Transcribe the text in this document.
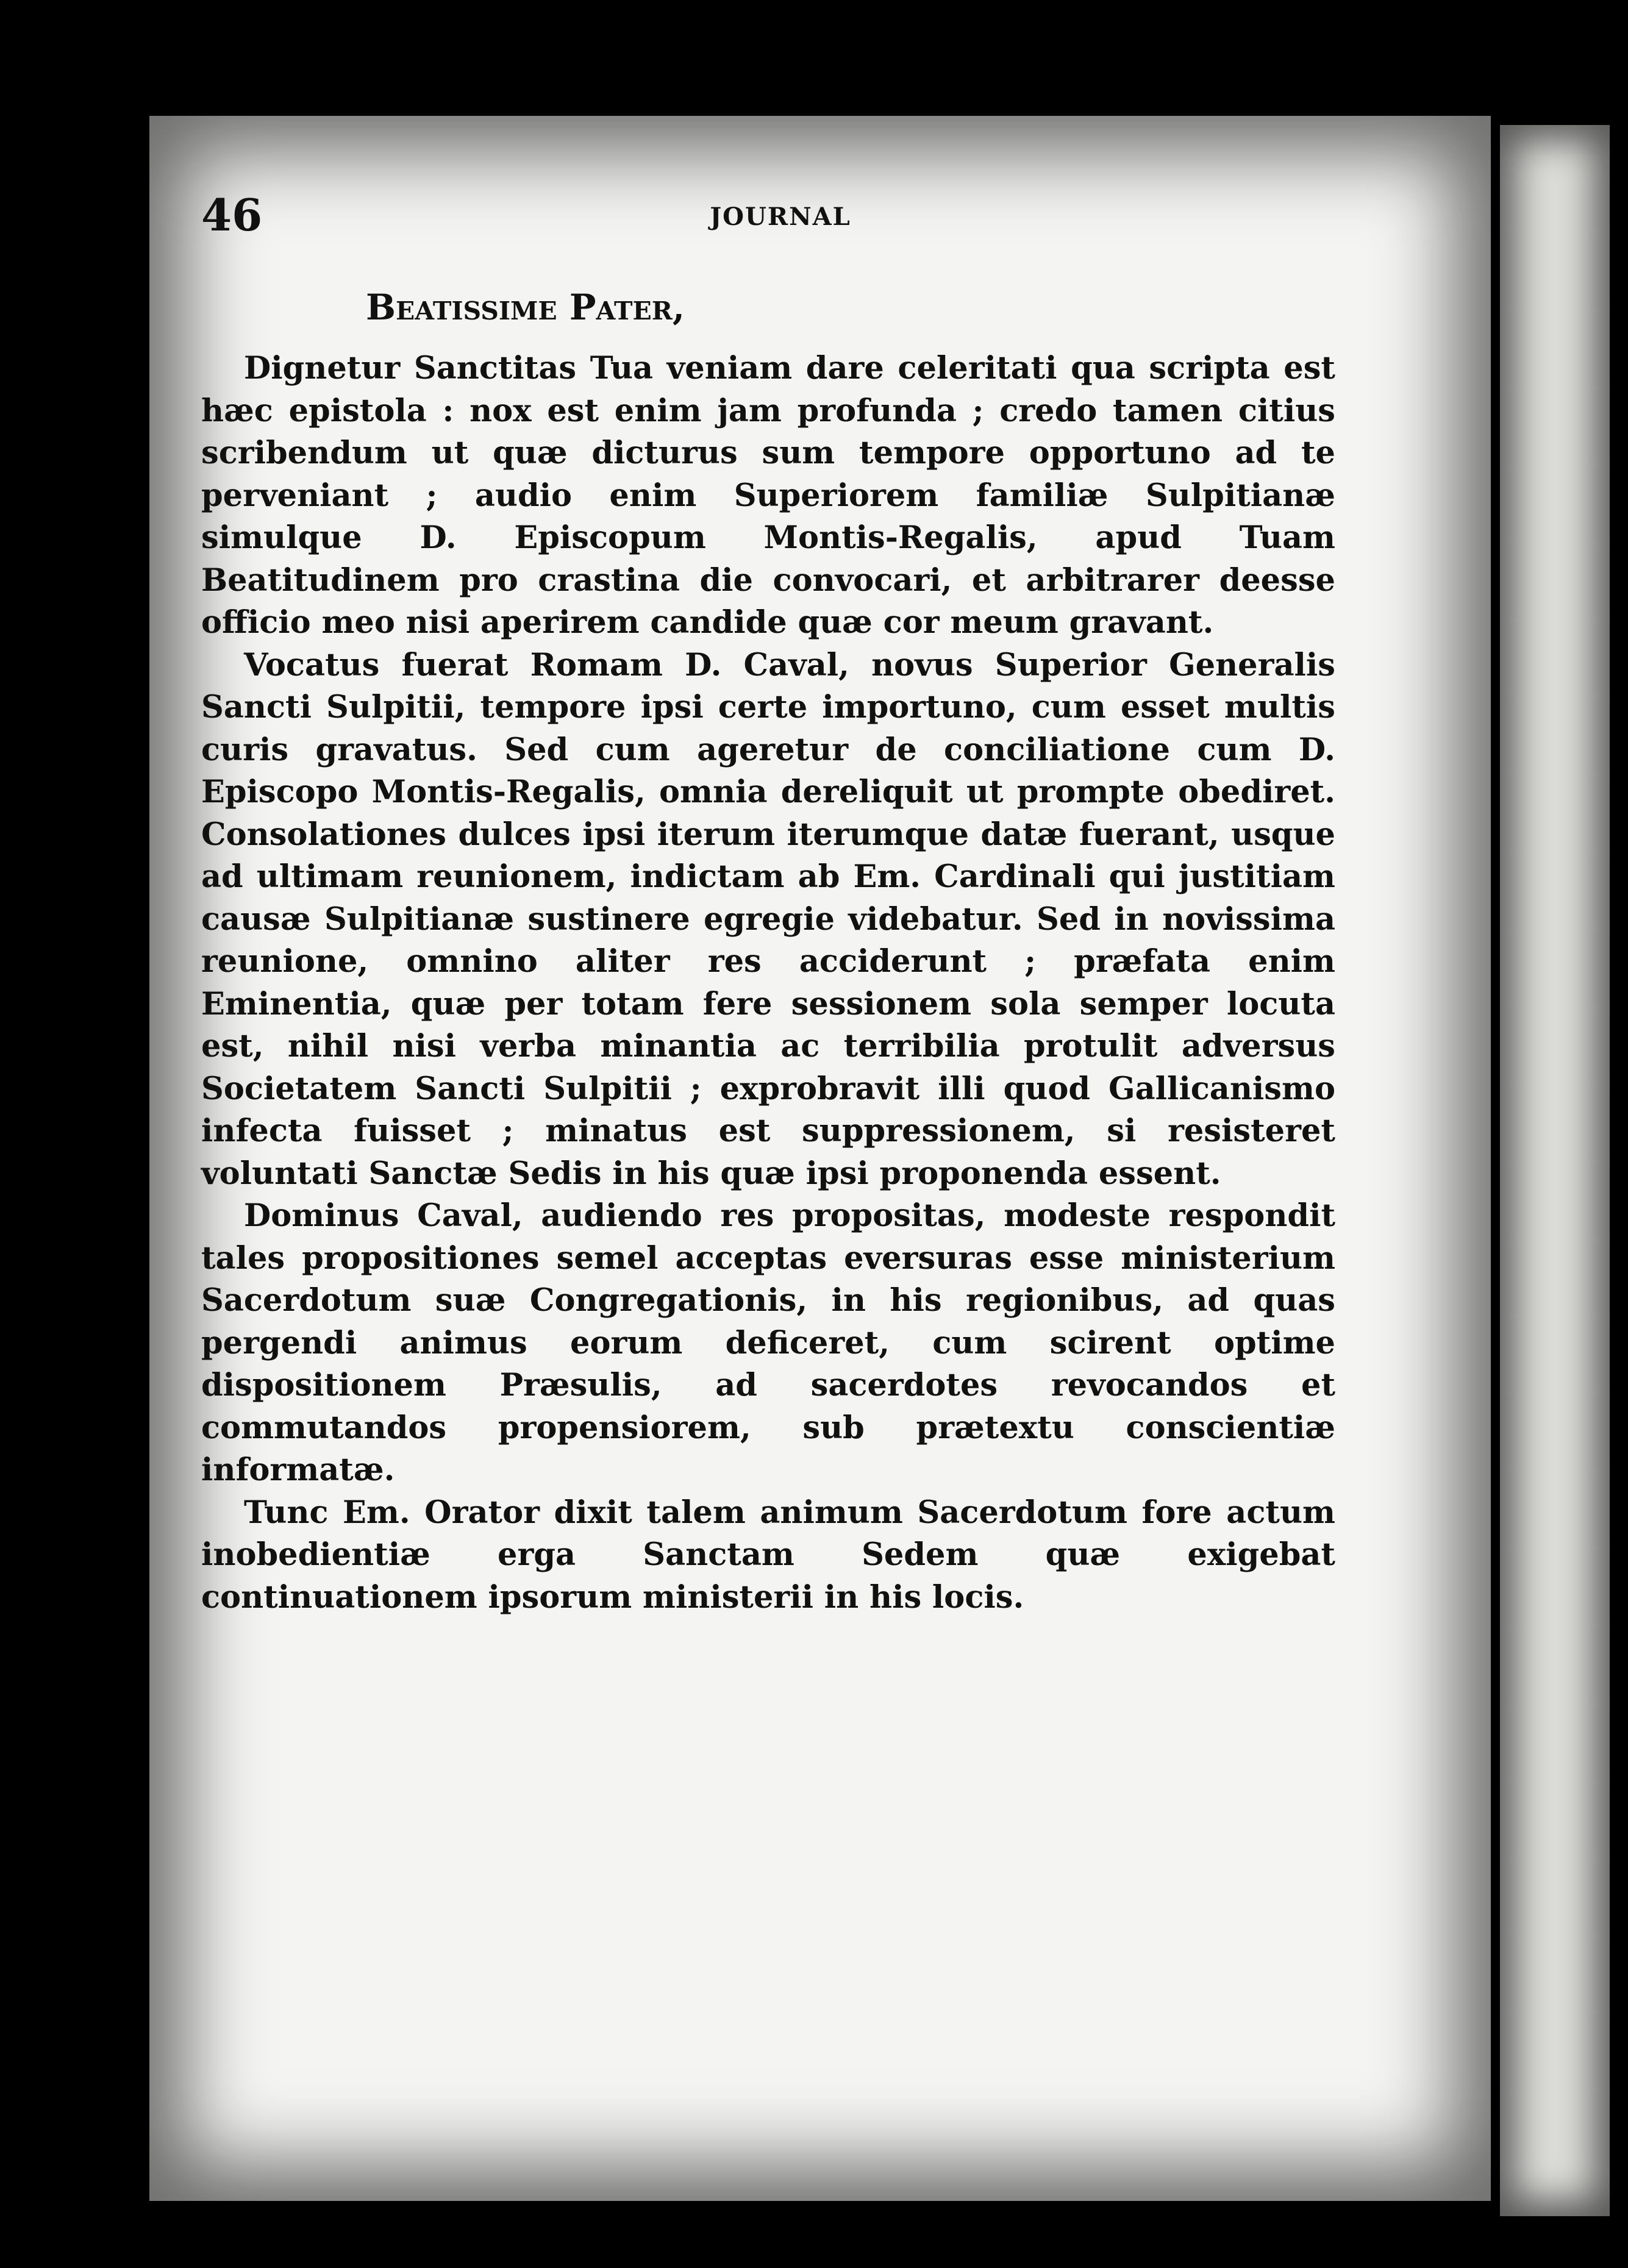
46	JOURNAL
Beatissime Pater,

Dignetur Sanctitas Tua veniam dare celeritati qua scripta est hæc epistola : nox est enim jam profunda ; credo tamen citius scribendum ut quæ dicturus sum tempore opportuno ad te perveniant ; audio enim Superiorem familiæ Sulpitianæ simulque D. Episcopum Montis-Regalis, apud Tuam Beatitudinem pro crastina die convocari, et arbitrarer deesse officio meo nisi aperirem candide quæ cor meum gravant.

Vocatus fuerat Romam D. Caval, novus Superior Generalis Sancti Sulpitii, tempore ipsi certe importuno, cum esset multis curis gravatus. Sed cum ageretur de conciliatione cum D. Episcopo Montis-Regalis, omnia dereliquit ut prompte obediret. Consolationes dulces ipsi iterum iterumque datæ fuerant, usque ad ultimam reunionem, indictam ab Em. Cardinali qui justitiam causæ Sulpitianæ sustinere egregie videbatur. Sed in novissima reunione, omnino aliter res acciderunt ; præfata enim Eminentia, quæ per totam fere sessionem sola semper locuta est, nihil nisi verba minantia ac terribilia protulit adversus Societatem Sancti Sulpitii ; exprobravit illi quod Gallicanismo infecta fuisset ; minatus est suppressionem, si resisteret voluntati Sanctæ Sedis in his quæ ipsi proponenda essent.

Dominus Caval, audiendo res propositas, modeste respondit tales propositiones semel acceptas eversuras esse ministerium Sacerdotum suæ Congregationis, in his regionibus, ad quas pergendi animus eorum deficeret, cum scirent optime dispositionem Præsulis, ad sacerdotes revocandos et commutandos propensiorem, sub prætextu conscientiæ informatæ.

Tunc Em. Orator dixit talem animum Sacerdotum fore actum inobedientiæ erga Sanctam Sedem quæ exigebat continuationem ipsorum ministerii in his locis.
